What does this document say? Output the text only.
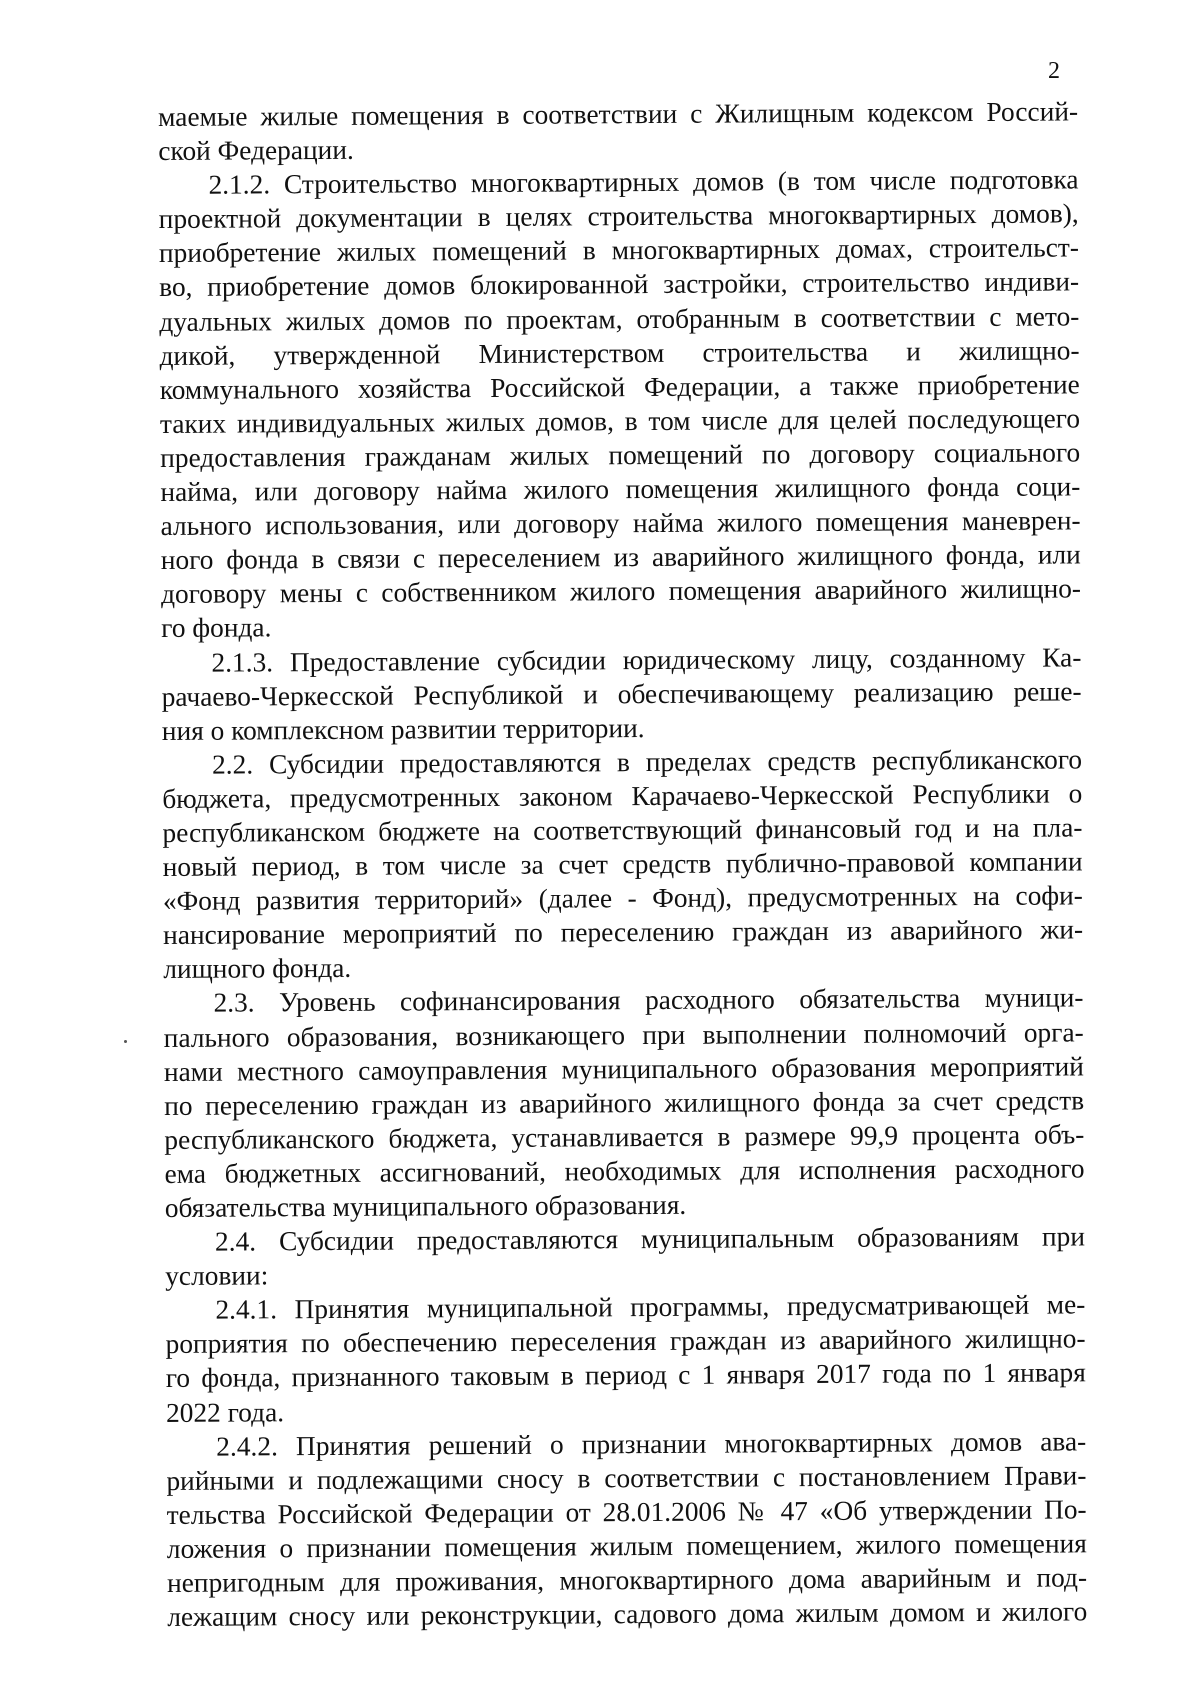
2
маемые жилые помещения в соответствии с Жилищным кодексом Россий-
ской Федерации.
2.1.2. Строительство многоквартирных домов (в том числе подготовка
проектной документации в целях строительства многоквартирных домов),
приобретение жилых помещений в многоквартирных домах, строительст-
во, приобретение домов блокированной застройки, строительство индиви-
дуальных жилых домов по проектам, отобранным в соответствии с мето-
дикой, утвержденной Министерством строительства и жилищно-
коммунального хозяйства Российской Федерации, а также приобретение
таких индивидуальных жилых домов, в том числе для целей последующего
предоставления гражданам жилых помещений по договору социального
найма, или договору найма жилого помещения жилищного фонда соци-
ального использования, или договору найма жилого помещения маневрен-
ного фонда в связи с переселением из аварийного жилищного фонда, или
договору мены с собственником жилого помещения аварийного жилищно-
го фонда.
2.1.3. Предоставление субсидии юридическому лицу, созданному Ка-
рачаево-Черкесской Республикой и обеспечивающему реализацию реше-
ния о комплексном развитии территории.
2.2. Субсидии предоставляются в пределах средств республиканского
бюджета, предусмотренных законом Карачаево-Черкесской Республики о
республиканском бюджете на соответствующий финансовый год и на пла-
новый период, в том числе за счет средств публично-правовой компании
«Фонд развития территорий» (далее - Фонд), предусмотренных на софи-
нансирование мероприятий по переселению граждан из аварийного жи-
лищного фонда.
2.3. Уровень софинансирования расходного обязательства муници-
пального образования, возникающего при выполнении полномочий орга-
нами местного самоуправления муниципального образования мероприятий
по переселению граждан из аварийного жилищного фонда за счет средств
республиканского бюджета, устанавливается в размере 99,9 процента объ-
ема бюджетных ассигнований, необходимых для исполнения расходного
обязательства муниципального образования.
2.4. Субсидии предоставляются муниципальным образованиям при
условии:
2.4.1. Принятия муниципальной программы, предусматривающей ме-
роприятия по обеспечению переселения граждан из аварийного жилищно-
го фонда, признанного таковым в период с 1 января 2017 года по 1 января
2022 года.
2.4.2. Принятия решений о признании многоквартирных домов ава-
рийными и подлежащими сносу в соответствии с постановлением Прави-
тельства Российской Федерации от 28.01.2006 № 47 «Об утверждении По-
ложения о признании помещения жилым помещением, жилого помещения
непригодным для проживания, многоквартирного дома аварийным и под-
лежащим сносу или реконструкции, садового дома жилым домом и жилого
